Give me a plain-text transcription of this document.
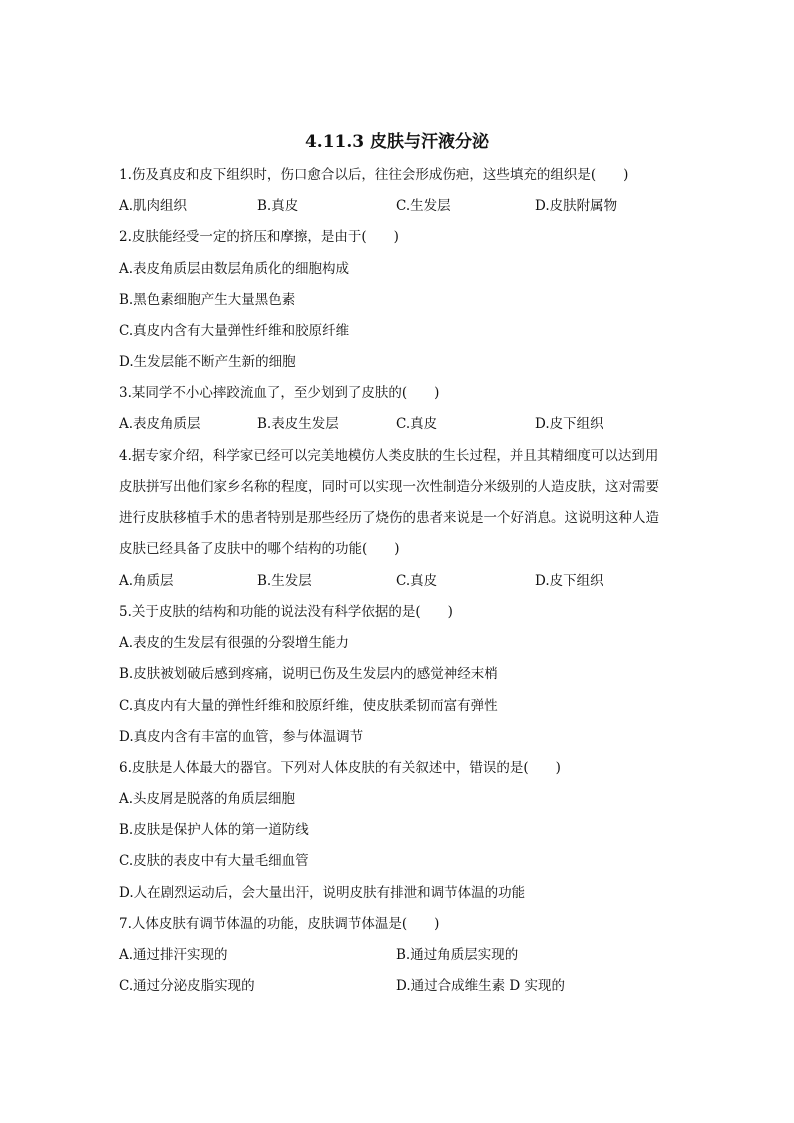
4.11.3 皮肤与汗液分泌
1.伤及真皮和皮下组织时，伤口愈合以后，往往会形成伤疤，这些填充的组织是(　　)
A.肌肉组织	B.真皮	C.生发层	D.皮肤附属物
2.皮肤能经受一定的挤压和摩擦，是由于(　　)
A.表皮角质层由数层角质化的细胞构成
B.黑色素细胞产生大量黑色素
C.真皮内含有大量弹性纤维和胶原纤维
D.生发层能不断产生新的细胞
3.某同学不小心摔跤流血了，至少划到了皮肤的(　　)
A.表皮角质层	B.表皮生发层	C.真皮	D.皮下组织
4.据专家介绍，科学家已经可以完美地模仿人类皮肤的生长过程，并且其精细度可以达到用
皮肤拼写出他们家乡名称的程度，同时可以实现一次性制造分米级别的人造皮肤，这对需要
进行皮肤移植手术的患者特别是那些经历了烧伤的患者来说是一个好消息。这说明这种人造
皮肤已经具备了皮肤中的哪个结构的功能(　　)
A.角质层	B.生发层	C.真皮	D.皮下组织
5.关于皮肤的结构和功能的说法没有科学依据的是(　　)
A.表皮的生发层有很强的分裂增生能力
B.皮肤被划破后感到疼痛，说明已伤及生发层内的感觉神经末梢
C.真皮内有大量的弹性纤维和胶原纤维，使皮肤柔韧而富有弹性
D.真皮内含有丰富的血管，参与体温调节
6.皮肤是人体最大的器官。下列对人体皮肤的有关叙述中，错误的是(　　)
A.头皮屑是脱落的角质层细胞
B.皮肤是保护人体的第一道防线
C.皮肤的表皮中有大量毛细血管
D.人在剧烈运动后，会大量出汗，说明皮肤有排泄和调节体温的功能
7.人体皮肤有调节体温的功能，皮肤调节体温是(　　)
A.通过排汗实现的	B.通过角质层实现的
C.通过分泌皮脂实现的	D.通过合成维生素 D 实现的
